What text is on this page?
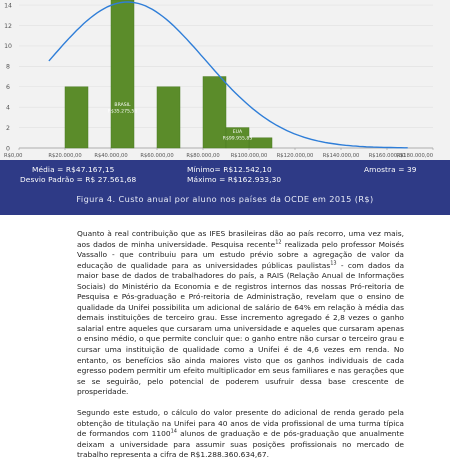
0
2
4
6
8
10
12
14
BRASIL
R$35.275,56
EUA
R$99.955,83
R$0,00	R$20.000,00 R$40.000,00 R$60.000,00 R$80.000,00 R$100.000,00 R$120.000,00 R$140.000,00 R$160.000,00
R$180.000,00
Média = R$47.167,15	Mínimo= R$12.542,10	Amostra = 39
Desvio Padrão = R$ 27.561,68	Máximo = R$162.933,30
Figura 4. Custo anual por aluno nos países da OCDE em 2015 (R$)

Quanto à real contribuição que as IFES brasileiras dão ao país recorro, uma vez mais, aos dados de minha universidade. Pesquisa recente$^{12}$ realizada pelo professor Moisés Vassallo - que contribuiu para um estudo prévio sobre a agregação de valor da educação de qualidade para as universidades públicas paulistas$^{13}$ - com dados da maior base de dados de trabalhadores do país, a RAIS (Relação Anual de Informações Sociais) do Ministério da Economia e de registros internos das nossas Pró-reitoria de Pesquisa e Pós-graduação e Pró-reitoria de Administração, revelam que o ensino de qualidade da Unifei possibilita um adicional de salário de 64% em relação à média das demais instituições de terceiro grau. Esse incremento agregado é 2,8 vezes o ganho salarial entre aqueles que cursaram uma universidade e aqueles que cursaram apenas o ensino médio, o que permite concluir que: o ganho entre não cursar o terceiro grau e cursar uma instituição de qualidade como a Unifei é de 4,6 vezes em renda. No entanto, os benefícios são ainda maiores visto que os ganhos individuais de cada egresso podem permitir um efeito multiplicador em seus familiares e nas gerações que se se seguirão, pelo potencial de poderem usufruir dessa base crescente de prosperidade.

Segundo este estudo, o cálculo do valor presente do adicional de renda gerado pela obtenção de titulação na Unifei para 40 anos de vida profissional de uma turma típica de formandos com 1100$^{14}$ alunos de graduação e de pós-graduação que anualmente deixam a universidade para assumir suas posições profissionais no mercado de trabalho representa a cifra de R$1.288.360.634,67.
